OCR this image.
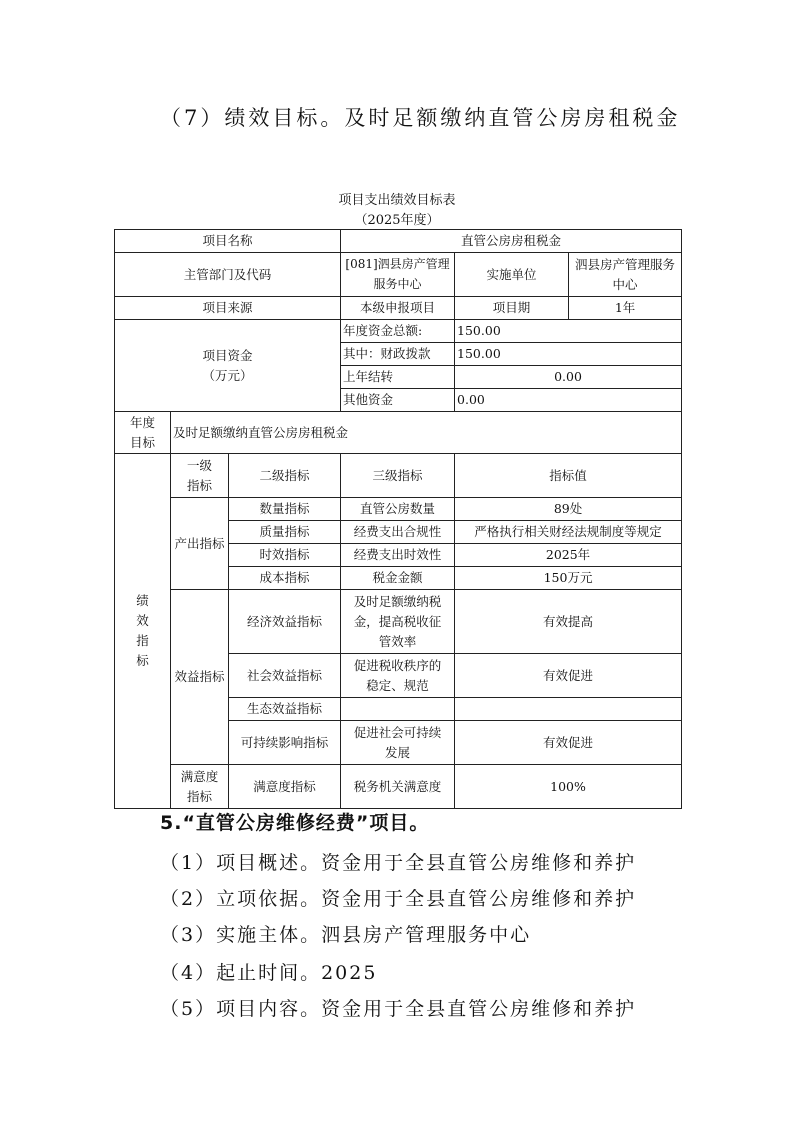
（7）绩效目标。及时足额缴纳直管公房房租税金
项目支出绩效目标表
（2025年度）
项目名称			直管公房房租税金		
主管部门及代码			[081]泗县房产管理服务中心	实施单位	泗县房产管理服务中心
项目来源			本级申报项目	项目期	1年

项目资金
（万元）			年度资金总额:	150.00	
			其中：财政拨款	150.00	
			上年结转	0.00	
			其他资金	0.00	
年度目标	及时足额缴纳直管公房房租税金				
绩效指标	一级指标	二级指标	三级指标	指标值	
	产出指标	数量指标	直管公房数量	89处	
		质量指标	经费支出合规性	严格执行相关财经法规制度等规定	
		时效指标	经费支出时效性	2025年	
		成本指标	税金金额	150万元	
	效益指标	经济效益指标	及时足额缴纳税金，提高税收征管效率	有效提高	
		社会效益指标	促进税收秩序的稳定、规范	有效促进	
		生态效益指标			
		可持续影响指标	促进社会可持续发展	有效促进	
	满意度指标	满意度指标	税务机关满意度	100%	
5.“直管公房维修经费”项目。
（1）项目概述。资金用于全县直管公房维修和养护
（2）立项依据。资金用于全县直管公房维修和养护
（3）实施主体。泗县房产管理服务中心
（4）起止时间。2025
（5）项目内容。资金用于全县直管公房维修和养护
